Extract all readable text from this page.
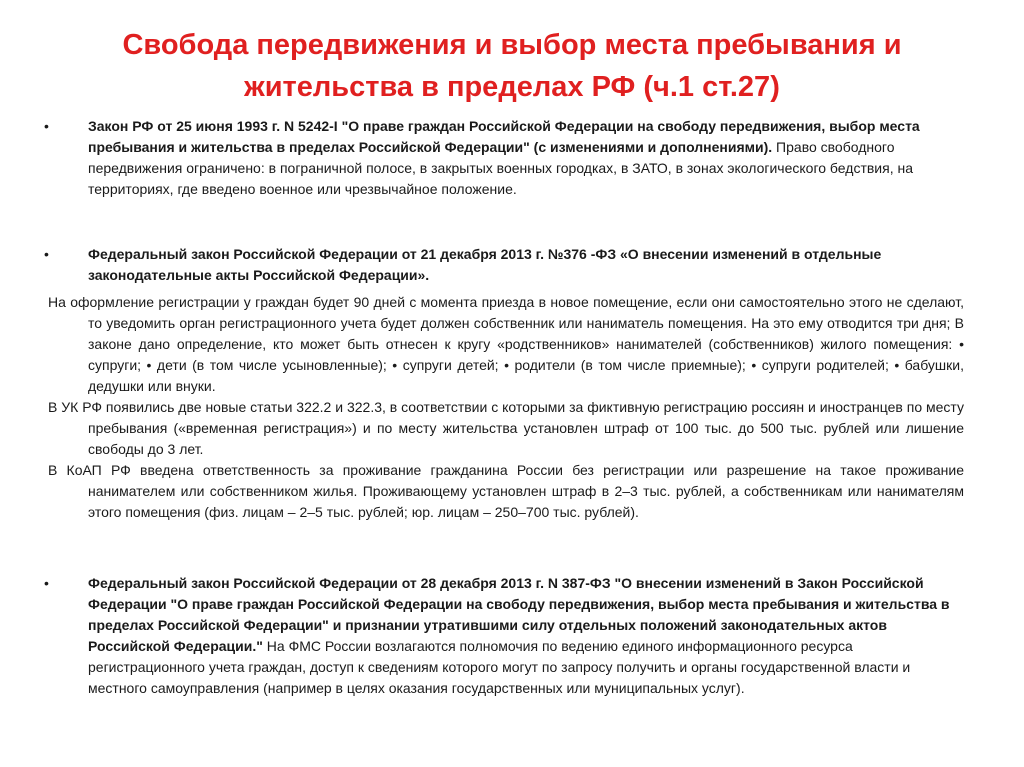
Свобода передвижения и выбор места пребывания и жительства в пределах РФ (ч.1 ст.27)
•	Закон РФ от 25 июня 1993 г. N 5242-I "О праве граждан Российской Федерации на свободу передвижения, выбор места пребывания и жительства в пределах Российской Федерации" (с изменениями и дополнениями). Право свободного передвижения ограничено: в пограничной полосе, в закрытых военных городках, в ЗАТО, в зонах экологического бедствия, на территориях, где введено военное или чрезвычайное положение.
•	Федеральный закон Российской Федерации от 21 декабря 2013 г. №376 -ФЗ «О внесении изменений в отдельные законодательные акты Российской Федерации».
На оформление регистрации у граждан будет 90 дней с момента приезда в новое помещение, если они самостоятельно этого не сделают, то уведомить орган регистрационного учета будет должен собственник или наниматель помещения. На это ему отводится три дня; В законе дано определение, кто может быть отнесен к кругу «родственников» нанимателей (собственников) жилого помещения: • супруги; • дети (в том числе усыновленные); • супруги детей; • родители (в том числе приемные); • супруги родителей; • бабушки, дедушки или внуки.
В УК РФ появились две новые статьи 322.2 и 322.3, в соответствии с которыми за фиктивную регистрацию россиян и иностранцев по месту пребывания («временная регистрация») и по месту жительства установлен штраф от 100 тыс. до 500 тыс. рублей или лишение свободы до 3 лет.
В КоАП РФ введена ответственность за проживание гражданина России без регистрации или разрешение на такое проживание нанимателем или собственником жилья. Проживающему установлен штраф в 2–3 тыс. рублей, а собственникам или нанимателям этого помещения (физ. лицам – 2–5 тыс. рублей; юр. лицам – 250–700 тыс. рублей).
•	Федеральный закон Российской Федерации от 28 декабря 2013 г. N 387-ФЗ "О внесении изменений в Закон Российской Федерации "О праве граждан Российской Федерации на свободу передвижения, выбор места пребывания и жительства в пределах Российской Федерации" и признании утратившими силу отдельных положений законодательных актов Российской Федерации." На ФМС России возлагаются полномочия по ведению единого информационного ресурса регистрационного учета граждан, доступ к сведениям которого могут по запросу получить и органы государственной власти и местного самоуправления (например в целях оказания государственных или муниципальных услуг).
